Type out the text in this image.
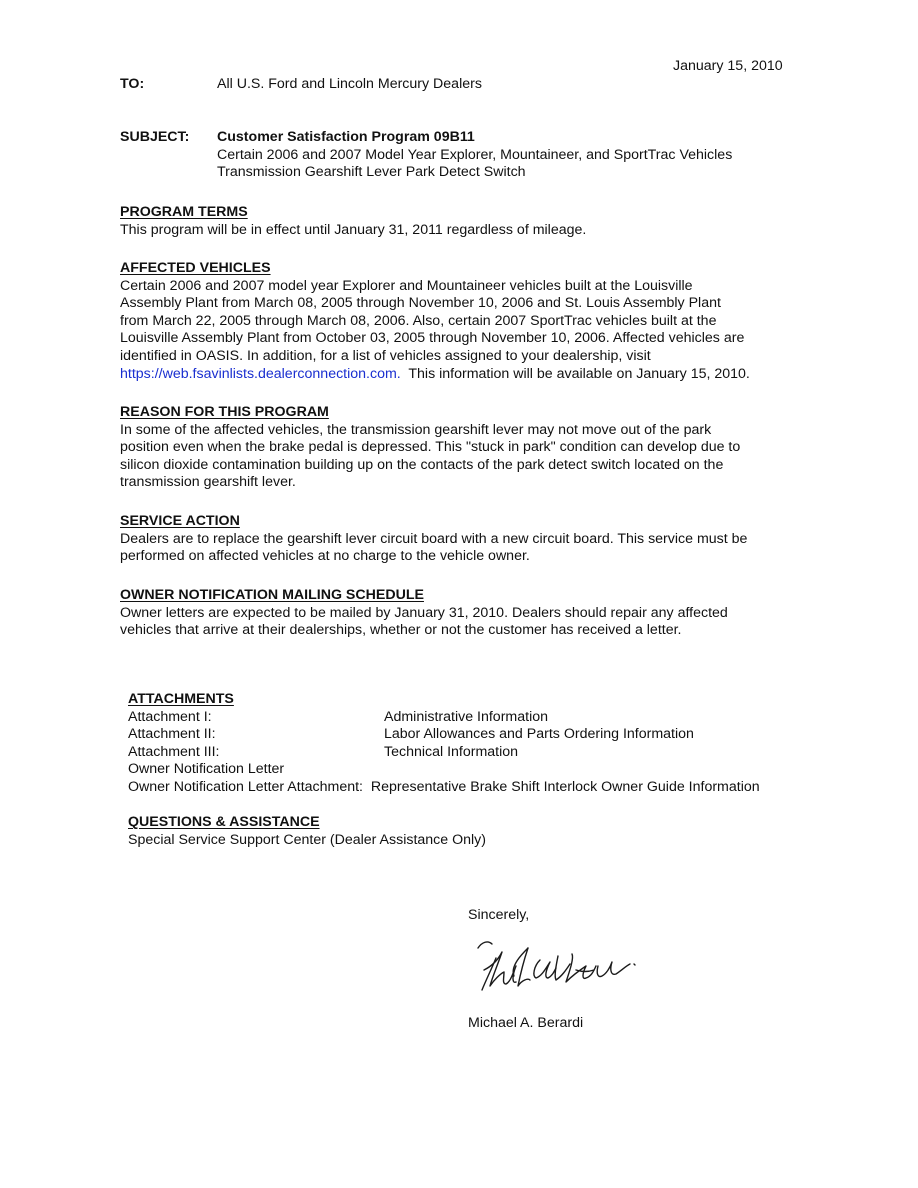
January 15, 2010
TO:	All U.S. Ford and Lincoln Mercury Dealers
SUBJECT: Customer Satisfaction Program 09B11
Certain 2006 and 2007 Model Year Explorer, Mountaineer, and SportTrac Vehicles
Transmission Gearshift Lever Park Detect Switch
PROGRAM TERMS
This program will be in effect until January 31, 2011 regardless of mileage.
AFFECTED VEHICLES
Certain 2006 and 2007 model year Explorer and Mountaineer vehicles built at the Louisville
Assembly Plant from March 08, 2005 through November 10, 2006 and St. Louis Assembly Plant
from March 22, 2005 through March 08, 2006. Also, certain 2007 SportTrac vehicles built at the
Louisville Assembly Plant from October 03, 2005 through November 10, 2006. Affected vehicles are
identified in OASIS. In addition, for a list of vehicles assigned to your dealership, visit
https://web.fsavinlists.dealerconnection.com.  This information will be available on January 15, 2010.
REASON FOR THIS PROGRAM
In some of the affected vehicles, the transmission gearshift lever may not move out of the park
position even when the brake pedal is depressed. This "stuck in park" condition can develop due to
silicon dioxide contamination building up on the contacts of the park detect switch located on the
transmission gearshift lever.
SERVICE ACTION
Dealers are to replace the gearshift lever circuit board with a new circuit board. This service must be
performed on affected vehicles at no charge to the vehicle owner.
OWNER NOTIFICATION MAILING SCHEDULE
Owner letters are expected to be mailed by January 31, 2010. Dealers should repair any affected
vehicles that arrive at their dealerships, whether or not the customer has received a letter.
ATTACHMENTS
Attachment I:	Administrative Information
Attachment II:	Labor Allowances and Parts Ordering Information
Attachment III:	Technical Information
Owner Notification Letter
Owner Notification Letter Attachment:  Representative Brake Shift Interlock Owner Guide Information
QUESTIONS & ASSISTANCE
Special Service Support Center (Dealer Assistance Only)
Sincerely,
Michael A. Berardi
